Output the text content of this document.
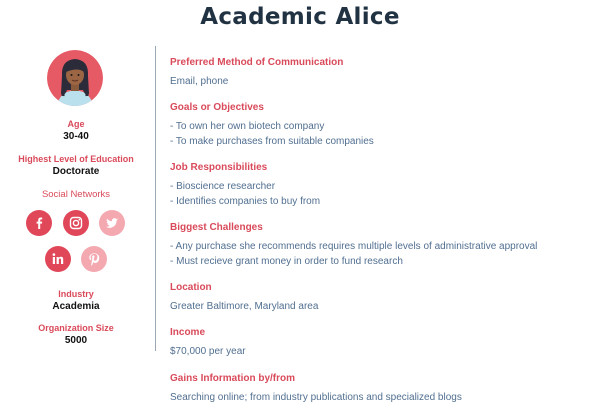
Academic Alice
Age
30-40
Highest Level of Education
Doctorate
Social Networks
Industry
Academia
Organization Size
5000
Preferred Method of Communication
Email, phone
Goals or Objectives
- To own her own biotech company
- To make purchases from suitable companies
Job Responsibilities
- Bioscience researcher
- Identifies companies to buy from
Biggest Challenges
- Any purchase she recommends requires multiple levels of administrative approval
- Must recieve grant money in order to fund research
Location
Greater Baltimore, Maryland area
Income
$70,000 per year
Gains Information by/from
Searching online; from industry publications and specialized blogs
